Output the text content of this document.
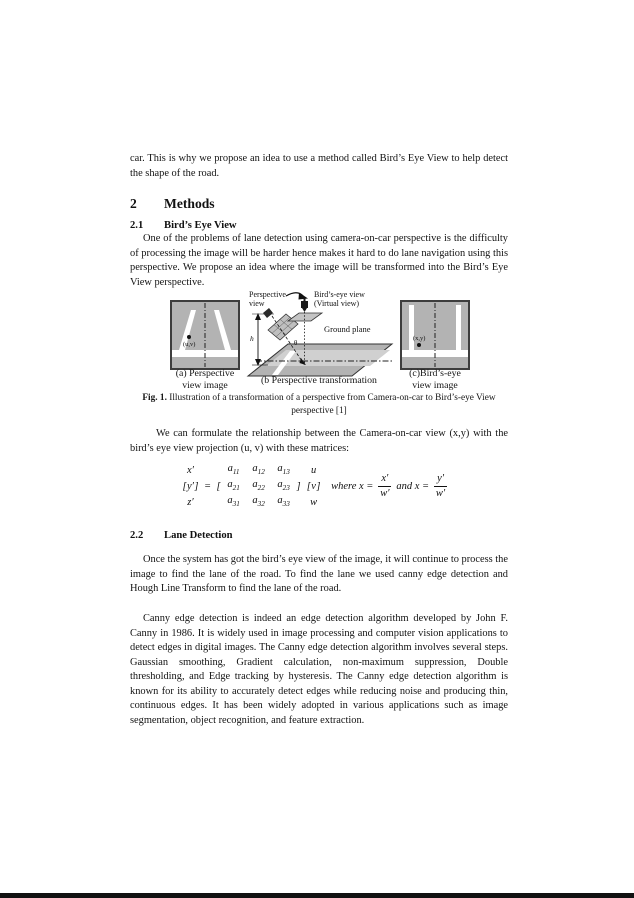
car. This is why we propose an idea to use a method called Bird’s Eye View to help detect the shape of the road.

2	Methods
2.1	Bird’s Eye View

One of the problems of lane detection using camera-on-car perspective is the difficulty of processing the image will be harder hence makes it hard to do lane navigation using this perspective. We propose an idea where the image will be transformed into the Bird’s Eye View perspective.

(u,v)
Perspective
view
Bird’s-eye view
(Virtual view)
Ground plane
h	θ
(x,y)
(a) Perspective
view image	(b Perspective transformation
(c)Bird’s-eye
view image
Fig. 1. Illustration of a transformation of a perspective from Camera-on-car to Bird’s-eye View perspective [1]

We can formulate the relationship between the Camera-on-car view (x,y) with the bird’s eye view projection (u, v) with these matrices:

x′
[ y′ ]
z′
=
$a_{11}$	$a_{12}$	$a_{13}$
[ $a_{21}$	$a_{22}$	$a_{23}$ ]
$a_{31}$	$a_{32}$	$a_{33}$
u
[ v ]
w
where $x = \frac{x'}{w'}$ and $x = \frac{y'}{w'}$
2.2	Lane Detection

Once the system has got the bird’s eye view of the image, it will continue to process the image to find the lane of the road. To find the lane we used canny edge detection and Hough Line Transform to find the lane of the road.

Canny edge detection is indeed an edge detection algorithm developed by John F. Canny in 1986. It is widely used in image processing and computer vision applications to detect edges in digital images. The Canny edge detection algorithm involves several steps. Gaussian smoothing, Gradient calculation, non-maximum suppression, Double thresholding, and Edge tracking by hysteresis. The Canny edge detection algorithm is known for its ability to accurately detect edges while reducing noise and producing thin, continuous edges. It has been widely adopted in various applications such as image segmentation, object recognition, and feature extraction.
